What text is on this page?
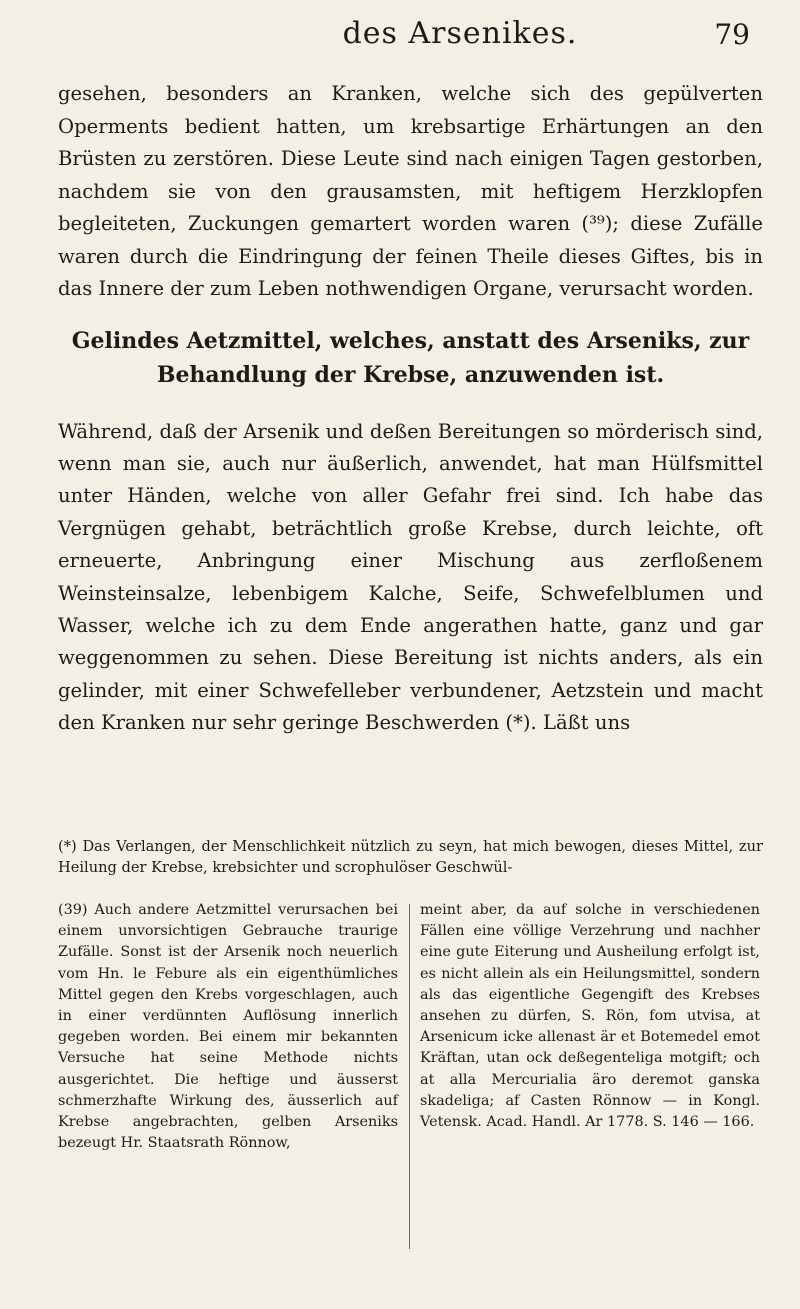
des Arsenikes.	79

gesehen, besonders an Kranken, welche sich des gepülverten Operments bedient hatten, um krebsartige Erhärtungen an den Brüsten zu zerstören. Diese Leute sind nach einigen Tagen gestorben, nachdem sie von den grausamsten, mit heftigem Herzklopfen begleiteten, Zuckungen gemartert worden waren (³⁹); diese Zufälle waren durch die Eindringung der feinen Theile dieses Giftes, bis in das Innere der zum Leben nothwendigen Organe, verursacht worden.

Gelindes Aetzmittel, welches, anstatt des Arseniks, zur Behandlung der Krebse, anzuwenden ist.

Während, daß der Arsenik und deßen Bereitungen so mörderisch sind, wenn man sie, auch nur äußerlich, anwendet, hat man Hülfsmittel unter Händen, welche von aller Gefahr frei sind. Ich habe das Vergnügen gehabt, beträchtlich große Krebse, durch leichte, oft erneuerte, Anbringung einer Mischung aus zerfloßenem Weinsteinsalze, lebenbigem Kalche, Seife, Schwefelblumen und Wasser, welche ich zu dem Ende angerathen hatte, ganz und gar weggenommen zu sehen. Diese Bereitung ist nichts anders, als ein gelinder, mit einer Schwefelleber verbundener, Aetzstein und macht den Kranken nur sehr geringe Beschwerden (*). Läßt uns

(*) Das Verlangen, der Menschlichkeit nützlich zu seyn, hat mich bewogen, dieses Mittel, zur Heilung der Krebse, krebsichter und scrophulöser Geschwül-
(39) Auch andere Aetzmittel verursachen bei einem unvorsichtigen Gebrauche traurige Zufälle. Sonst ist der Arsenik noch neuerlich vom Hn. le Febure als ein eigenthümliches Mittel gegen den Krebs vorgeschlagen, auch in einer verdünnten Auflösung innerlich gegeben worden. Bei einem mir bekannten Versuche hat seine Methode nichts ausgerichtet. Die heftige und äusserst schmerzhafte Wirkung des, äusserlich auf Krebse angebrachten, gelben Arseniks bezeugt Hr. Staatsrath Rönnow,
meint aber, da auf solche in verschiedenen Fällen eine völlige Verzehrung und nachher eine gute Eiterung und Ausheilung erfolgt ist, es nicht allein als ein Heilungsmittel, sondern als das eigentliche Gegengift des Krebses ansehen zu dürfen, S. Rön, fom utvisa, at Arsenicum icke allenast är et Botemedel emot Kräftan, utan ock deßegenteliga motgift; och at alla Mercurialia äro deremot ganska skadeliga; af Casten Rönnow — in Kongl. Vetensk. Acad. Handl. Ar 1778. S. 146 — 166.
